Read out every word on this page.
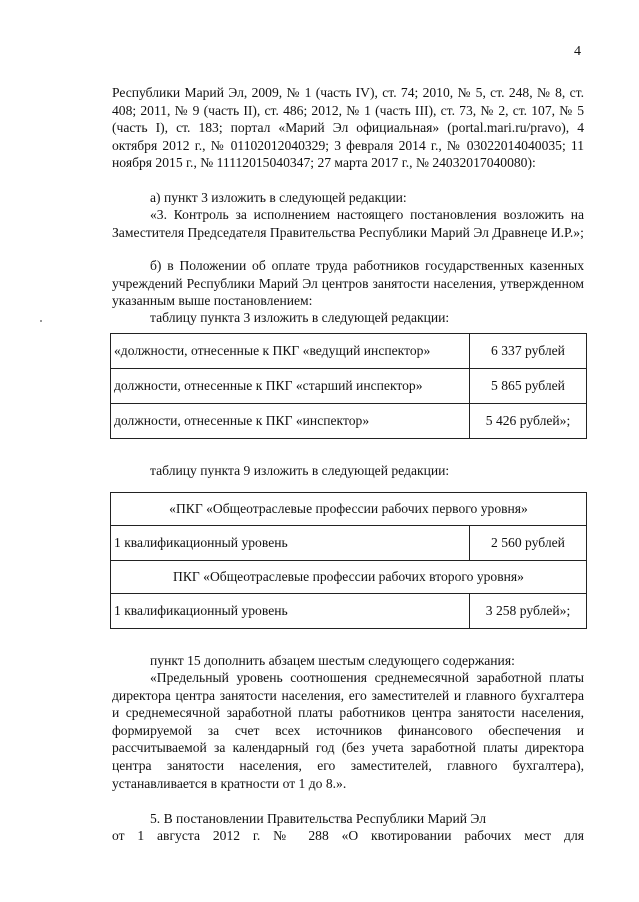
4
Республики Марий Эл, 2009, № 1 (часть IV), ст. 74; 2010, № 5, ст. 248, № 8, ст. 408; 2011, № 9 (часть II), ст. 486; 2012, № 1 (часть III), ст. 73, № 2, ст. 107, № 5 (часть I), ст. 183; портал «Марий Эл официальная» (portal.mari.ru/pravo), 4 октября 2012 г., № 01102012040329; 3 февраля 2014 г., № 03022014040035; 11 ноября 2015 г., № 11112015040347; 27 марта 2017 г., № 24032017040080):
а) пункт 3 изложить в следующей редакции:
«3. Контроль за исполнением настоящего постановления возложить на Заместителя Председателя Правительства Республики Марий Эл Дравнеце И.Р.»;
б) в Положении об оплате труда работников государственных казенных учреждений Республики Марий Эл центров занятости населения, утвержденном указанным выше постановлением:
таблицу пункта 3 изложить в следующей редакции:
«должности, отнесенные к ПКГ «ведущий инспектор»	6 337 рублей
должности, отнесенные к ПКГ «старший инспектор»	5 865 рублей
должности, отнесенные к ПКГ «инспектор»	5 426 рублей»;
таблицу пункта 9 изложить в следующей редакции:
«ПКГ «Общеотраслевые профессии рабочих первого уровня»	
1 квалификационный уровень	2 560 рублей
ПКГ «Общеотраслевые профессии рабочих второго уровня»	
1 квалификационный уровень	3 258 рублей»;
пункт 15 дополнить абзацем шестым следующего содержания:
«Предельный уровень соотношения среднемесячной заработной платы директора центра занятости населения, его заместителей и главного бухгалтера и среднемесячной заработной платы работников центра занятости населения, формируемой за счет всех источников финансового обеспечения и рассчитываемой за календарный год (без учета заработной платы директора центра занятости населения, его заместителей, главного бухгалтера), устанавливается в кратности от 1 до 8.».
5. В постановлении Правительства Республики Марий Эл
от 1 августа 2012 г. № 288 «О квотировании рабочих мест для
